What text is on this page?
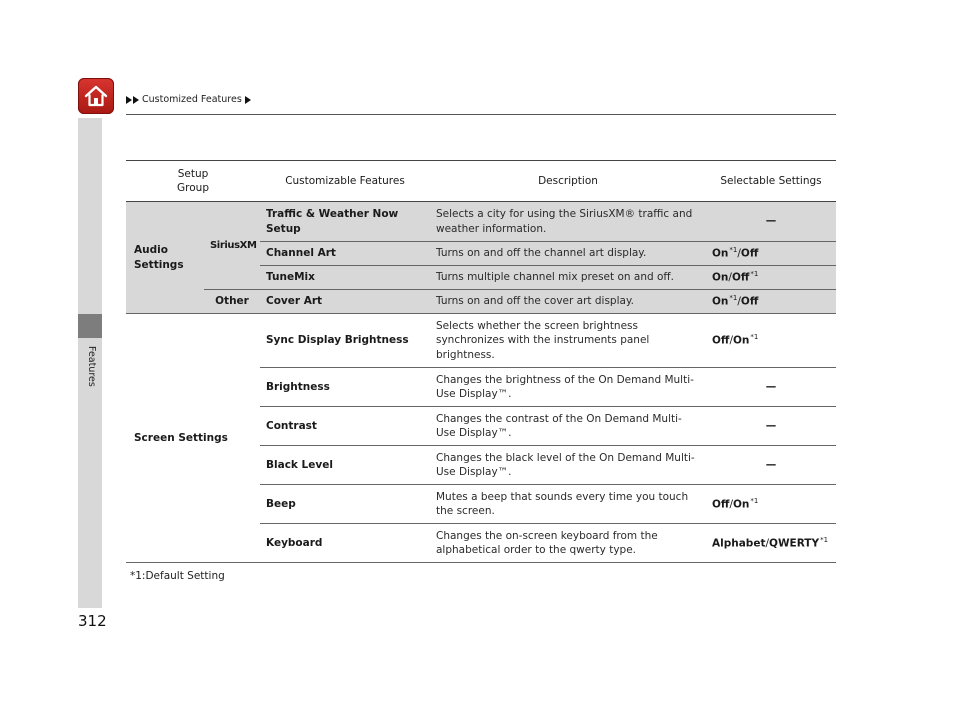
Customized Features
Features
Setup
Group		Customizable Features	Description	Selectable Settings
Audio Settings	SiriusXM	Traffic & Weather Now Setup	Selects a city for using the SiriusXM® traffic and weather information.	—
		Channel Art	Turns on and off the channel art display.	On$^{*1}$/Off
		TuneMix	Turns multiple channel mix preset on and off.	On/Off$^{*1}$
	Other	Cover Art	Turns on and off the cover art display.	On$^{*1}$/Off
Screen Settings		Sync Display Brightness	Selects whether the screen brightness synchronizes with the instruments panel brightness.	Off/On$^{*1}$
		Brightness	Changes the brightness of the On Demand Multi-Use Display™.	—
		Contrast	Changes the contrast of the On Demand Multi-Use Display™.	—
		Black Level	Changes the black level of the On Demand Multi-Use Display™.	—
		Beep	Mutes a beep that sounds every time you touch the screen.	Off/On$^{*1}$
		Keyboard	Changes the on-screen keyboard from the alphabetical order to the qwerty type.	Alphabet/QWERTY$^{*1}$
*1:Default Setting
312
